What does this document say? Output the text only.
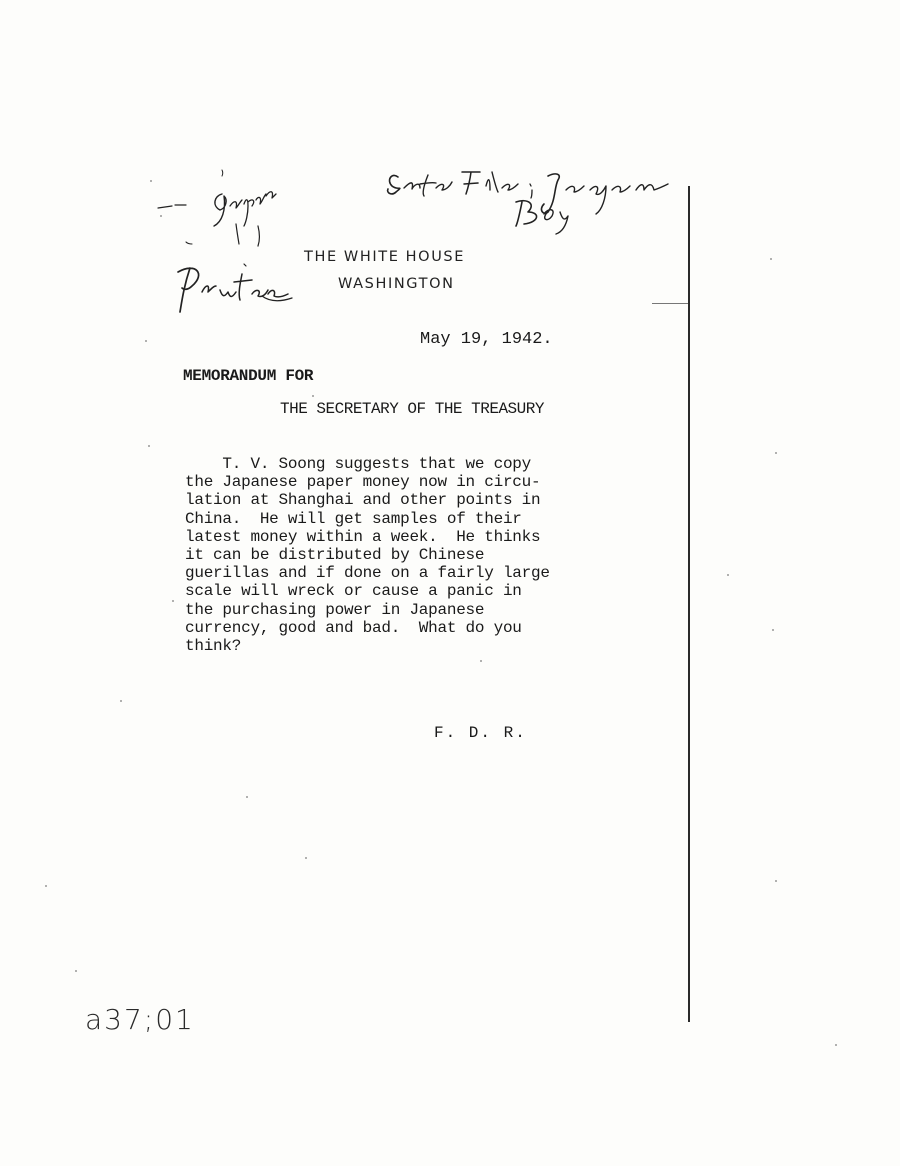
THE WHITE HOUSE
WASHINGTON
May 19, 1942.
MEMORANDUM FOR
THE SECRETARY OF THE TREASURY
T. V. Soong suggests that we copy
the Japanese paper money now in circu-
lation at Shanghai and other points in
China.  He will get samples of their
latest money within a week.  He thinks
it can be distributed by Chinese
guerillas and if done on a fairly large
scale will wreck or cause a panic in
the purchasing power in Japanese
currency, good and bad.  What do you
think?
F. D. R.
a37;01
